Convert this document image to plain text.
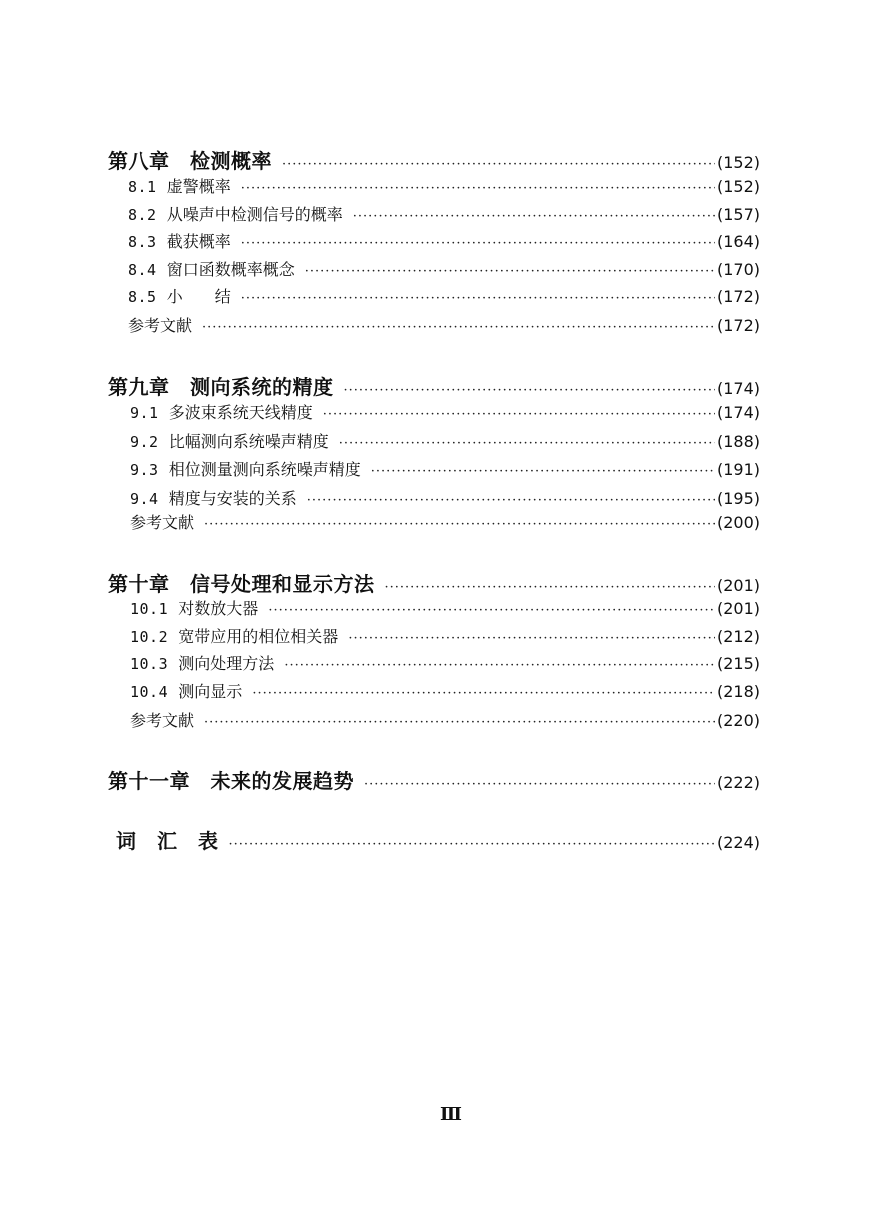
第八章　检测概率 ·····	(152)
8.1 虚警概率 ·····	(152)
8.2 从噪声中检测信号的概率 ·····	(157)
8.3 截获概率 ·····	(164)
8.4 窗口函数概率概念 ·····	(170)
8.5 小　　结 ·····	(172)
参考文献 ·····	(172)
第九章　测向系统的精度 ·····	(174)
9.1 多波束系统天线精度 ·····	(174)
9.2 比幅测向系统噪声精度 ·····	(188)
9.3 相位测量测向系统噪声精度 ·····	(191)
9.4 精度与安装的关系 ·····	(195)
参考文献 ·····	(200)
第十章　信号处理和显示方法 ·····	(201)
10.1 对数放大器 ·····	(201)
10.2 宽带应用的相位相关器 ·····	(212)
10.3 测向处理方法 ·····	(215)
10.4 测向显示 ·····	(218)
参考文献 ·····	(220)
第十一章　未来的发展趋势 ·····	(222)
词　汇　表 ·····	(224)
Ⅲ
